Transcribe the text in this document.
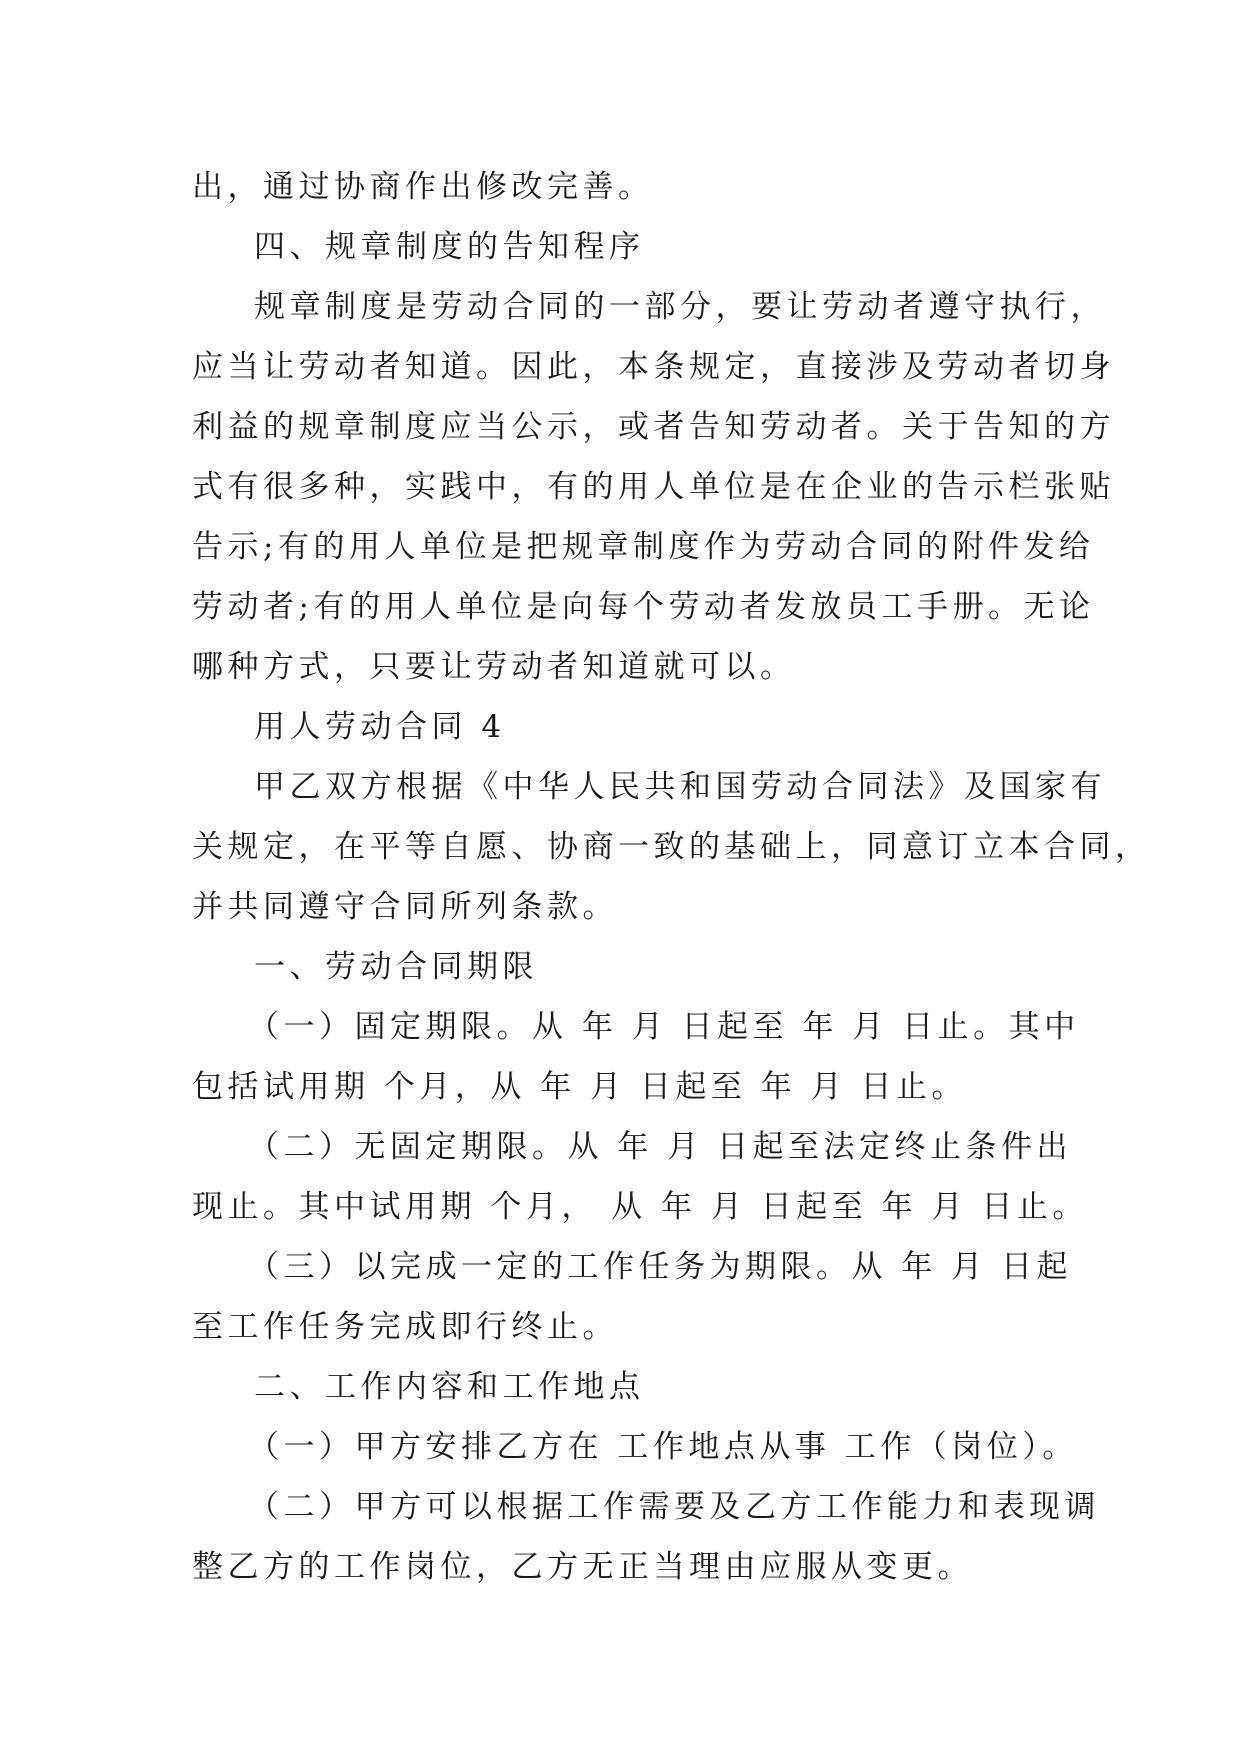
出，通过协商作出修改完善。
四、规章制度的告知程序
规章制度是劳动合同的一部分，要让劳动者遵守执行，
应当让劳动者知道。因此，本条规定，直接涉及劳动者切身
利益的规章制度应当公示，或者告知劳动者。关于告知的方
式有很多种，实践中，有的用人单位是在企业的告示栏张贴
告示;有的用人单位是把规章制度作为劳动合同的附件发给
劳动者;有的用人单位是向每个劳动者发放员工手册。无论
哪种方式，只要让劳动者知道就可以。
用人劳动合同 4
甲乙双方根据《中华人民共和国劳动合同法》及国家有
关规定，在平等自愿、协商一致的基础上，同意订立本合同，
并共同遵守合同所列条款。
一、劳动合同期限
（一）固定期限。从 年 月 日起至 年 月 日止。其中
包括试用期 个月，从 年 月 日起至 年 月 日止。
（二）无固定期限。从 年 月 日起至法定终止条件出
现止。其中试用期 个月， 从 年 月 日起至 年 月 日止。
（三）以完成一定的工作任务为期限。从 年 月 日起
至工作任务完成即行终止。
二、工作内容和工作地点
（一）甲方安排乙方在 工作地点从事 工作（岗位）。
（二）甲方可以根据工作需要及乙方工作能力和表现调
整乙方的工作岗位，乙方无正当理由应服从变更。
